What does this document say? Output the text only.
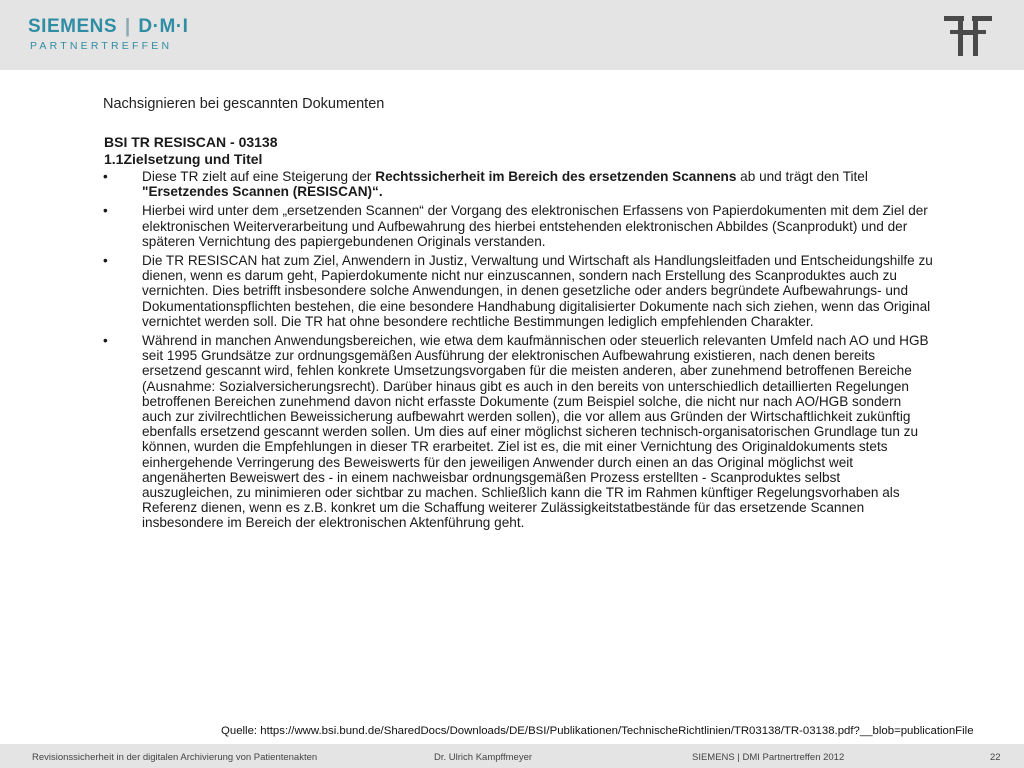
SIEMENS | D·M·I
PARTNERTREFFEN
Nachsignieren bei gescannten Dokumenten
BSI TR RESISCAN - 03138
1.1Zielsetzung und Titel
•	Diese TR zielt auf eine Steigerung der Rechtssicherheit im Bereich des ersetzenden Scannens ab und trägt den Titel "Ersetzendes Scannen (RESISCAN)“.
•	Hierbei wird unter dem „ersetzenden Scannen“ der Vorgang des elektronischen Erfassens von Papierdokumenten mit dem Ziel der elektronischen Weiterverarbeitung und Aufbewahrung des hierbei entstehenden elektronischen Abbildes (Scanprodukt) und der späteren Vernichtung des papiergebundenen Originals verstanden.
•	Die TR RESISCAN hat zum Ziel, Anwendern in Justiz, Verwaltung und Wirtschaft als Handlungsleitfaden und Entscheidungshilfe zu dienen, wenn es darum geht, Papierdokumente nicht nur einzuscannen, sondern nach Erstellung des Scanproduktes auch zu vernichten. Dies betrifft insbesondere solche Anwendungen, in denen gesetzliche oder anders begründete Aufbewahrungs- und Dokumentationspflichten bestehen, die eine besondere Handhabung digitalisierter Dokumente nach sich ziehen, wenn das Original vernichtet werden soll. Die TR hat ohne besondere rechtliche Bestimmungen lediglich empfehlenden Charakter.
•	Während in manchen Anwendungsbereichen, wie etwa dem kaufmännischen oder steuerlich relevanten Umfeld nach AO und HGB seit 1995 Grundsätze zur ordnungsgemäßen Ausführung der elektronischen Aufbewahrung existieren, nach denen bereits ersetzend gescannt wird, fehlen konkrete Umsetzungsvorgaben für die meisten anderen, aber zunehmend betroffenen Bereiche (Ausnahme: Sozialversicherungsrecht). Darüber hinaus gibt es auch in den bereits von unterschiedlich detaillierten Regelungen betroffenen Bereichen zunehmend davon nicht erfasste Dokumente (zum Beispiel solche, die nicht nur nach AO/HGB sondern auch zur zivilrechtlichen Beweissicherung aufbewahrt werden sollen), die vor allem aus Gründen der Wirtschaftlichkeit zukünftig ebenfalls ersetzend gescannt werden sollen. Um dies auf einer möglichst sicheren technisch-organisatorischen Grundlage tun zu können, wurden die Empfehlungen in dieser TR erarbeitet. Ziel ist es, die mit einer Vernichtung des Originaldokuments stets einhergehende Verringerung des Beweiswerts für den jeweiligen Anwender durch einen an das Original möglichst weit angenäherten Beweiswert des - in einem nachweisbar ordnungsgemäßen Prozess erstellten - Scanproduktes selbst auszugleichen, zu minimieren oder sichtbar zu machen. Schließlich kann die TR im Rahmen künftiger Regelungsvorhaben als Referenz dienen, wenn es z.B. konkret um die Schaffung weiterer Zulässigkeitstatbestände für das ersetzende Scannen insbesondere im Bereich der elektronischen Aktenführung geht.
Quelle: https://www.bsi.bund.de/SharedDocs/Downloads/DE/BSI/Publikationen/TechnischeRichtlinien/TR03138/TR-03138.pdf?__blob=publicationFile
Revisionssicherheit in der digitalen Archivierung von Patientenakten	Dr. Ulrich Kampffmeyer	SIEMENS | DMI Partnertreffen 2012	22
